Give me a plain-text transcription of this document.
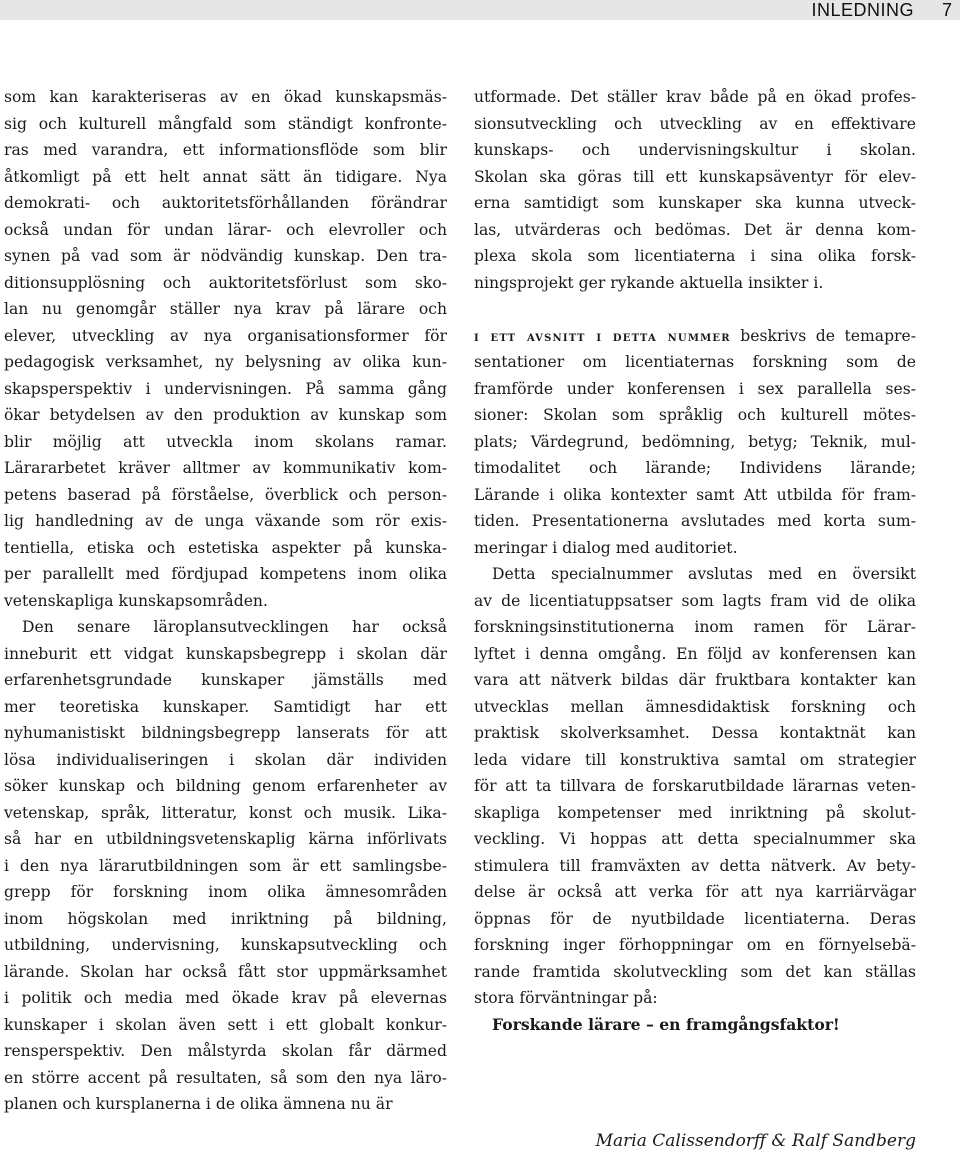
INLEDNING 7
som kan karakteriseras av en ökad kunskapsmäs-
sig och kulturell mångfald som ständigt konfronte-
ras med varandra, ett informationsflöde som blir
åtkomligt på ett helt annat sätt än tidigare. Nya
demokrati- och auktoritetsförhållanden förändrar
också undan för undan lärar- och elevroller och
synen på vad som är nödvändig kunskap. Den tra-
ditionsupplösning och auktoritetsförlust som sko-
lan nu genomgår ställer nya krav på lärare och
elever, utveckling av nya organisationsformer för
pedagogisk verksamhet, ny belysning av olika kun-
skapsperspektiv i undervisningen. På samma gång
ökar betydelsen av den produktion av kunskap som
blir möjlig att utveckla inom skolans ramar.
Lärararbetet kräver alltmer av kommunikativ kom-
petens baserad på förståelse, överblick och person-
lig handledning av de unga växande som rör exis-
tentiella, etiska och estetiska aspekter på kunska-
per parallellt med fördjupad kompetens inom olika
vetenskapliga kunskapsområden.
Den senare läroplansutvecklingen har också
inneburit ett vidgat kunskapsbegrepp i skolan där
erfarenhetsgrundade kunskaper jämställs med
mer teoretiska kunskaper. Samtidigt har ett
nyhumanistiskt bildningsbegrepp lanserats för att
lösa individualiseringen i skolan där individen
söker kunskap och bildning genom erfarenheter av
vetenskap, språk, litteratur, konst och musik. Lika-
så har en utbildningsvetenskaplig kärna införlivats
i den nya lärarutbildningen som är ett samlingsbe-
grepp för forskning inom olika ämnesområden
inom högskolan med inriktning på bildning,
utbildning, undervisning, kunskapsutveckling och
lärande. Skolan har också fått stor uppmärksamhet
i politik och media med ökade krav på elevernas
kunskaper i skolan även sett i ett globalt konkur-
rensperspektiv. Den målstyrda skolan får därmed
en större accent på resultaten, så som den nya läro-
planen och kursplanerna i de olika ämnena nu är
utformade. Det ställer krav både på en ökad profes-
sionsutveckling och utveckling av en effektivare
kunskaps- och undervisningskultur i skolan.
Skolan ska göras till ett kunskapsäventyr för elev-
erna samtidigt som kunskaper ska kunna utveck-
las, utvärderas och bedömas. Det är denna kom-
plexa skola som licentiaterna i sina olika forsk-
ningsprojekt ger rykande aktuella insikter i.
i ett avsnitt i detta nummer beskrivs de temapre-
sentationer om licentiaternas forskning som de
framförde under konferensen i sex parallella ses-
sioner: Skolan som språklig och kulturell mötes-
plats; Värdegrund, bedömning, betyg; Teknik, mul-
timodalitet och lärande; Individens lärande;
Lärande i olika kontexter samt Att utbilda för fram-
tiden. Presentationerna avslutades med korta sum-
meringar i dialog med auditoriet.
Detta specialnummer avslutas med en översikt
av de licentiatuppsatser som lagts fram vid de olika
forskningsinstitutionerna inom ramen för Lärar-
lyftet i denna omgång. En följd av konferensen kan
vara att nätverk bildas där fruktbara kontakter kan
utvecklas mellan ämnesdidaktisk forskning och
praktisk skolverksamhet. Dessa kontaktnät kan
leda vidare till konstruktiva samtal om strategier
för att ta tillvara de forskarutbildade lärarnas veten-
skapliga kompetenser med inriktning på skolut-
veckling. Vi hoppas att detta specialnummer ska
stimulera till framväxten av detta nätverk. Av bety-
delse är också att verka för att nya karriärvägar
öppnas för de nyutbildade licentiaterna. Deras
forskning inger förhoppningar om en förnyelsebä-
rande framtida skolutveckling som det kan ställas
stora förväntningar på:
Forskande lärare – en framgångsfaktor!
Maria Calissendorff & Ralf Sandberg
